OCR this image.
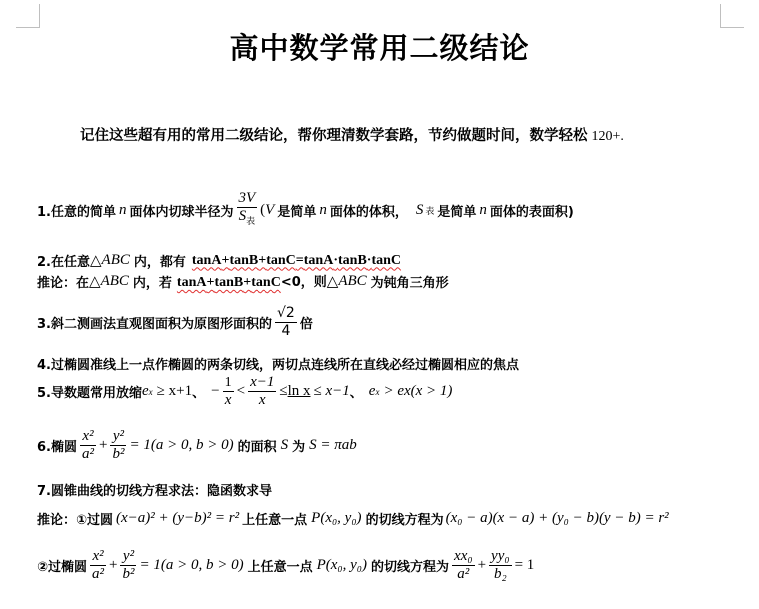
高中数学常用二级结论
记住这些超有用的常用二级结论，帮你理清数学套路，节约做题时间，数学轻松 120+.
1.任意的简单 n 面体内切球半径为 $\frac{3V}{S_表}$ ( V 是简单 n 面体的体积， S 表 是简单 n 面体的表面积)
2.在任意 △ ABC 内，都有 tanA+tanB+tanC=tanA·tanB·tanC
推论：在 △ ABC 内，若 tanA+tanB+tanC<0，则 △ ABC 为钝角三角形
3.斜二测画法直观图面积为原图形面积的 $\frac{√2}{4}$ 倍
4.过椭圆准线上一点作椭圆的两条切线，两切点连线所在直线必经过椭圆相应的焦点
5.导数题常用放缩 e x ≥ x+1 、 − $\frac{1}{x} < \frac{x-1}{x} \le \ln x \le x-1$ 、 e x > ex(x > 1)
6.椭圆 $\frac{\text{x²}}{\text{a²}} + \frac{\text{y²}}{\text{b²}} = 1(a > 0$, b > 0) 的面积 S 为 S = πab
7.圆锥曲线的切线方程求法：隐函数求导
推论：①过圆 (x−a)² + (y−b)² = r² 上任意一点 P(x₀, y₀) 的切线方程为 (x₀ − a)(x − a) + (y₀ − b)(y − b) = r²
②过椭圆 $\frac{\text{x²}}{\text{a²}} + \frac{\text{y²}}{\text{b²}} = 1(a > 0$, b > 0) 上任意一点 P(x₀, y₀) 的切线方程为 $\frac{\text{xx₀}}{\text{a²}} + \frac{\text{yy₀}}{\text{b₂}} = 1$
